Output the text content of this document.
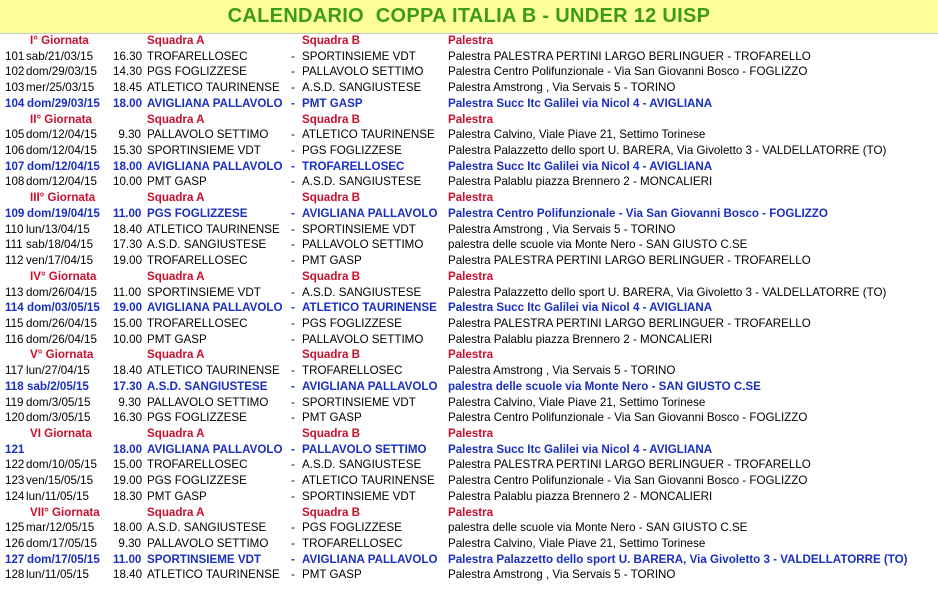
CALENDARIO  COPPA ITALIA B - UNDER 12 UISP
I° Giornata	Squadra A	Squadra B	Palestra
101 sab/21/03/15 16.30 TROFARELLOSEC	- SPORTINSIEME VDT	Palestra PALESTRA PERTINI LARGO BERLINGUER - TROFARELLO
102 dom/29/03/15 14.30 PGS FOGLIZZESE	- PALLAVOLO SETTIMO Palestra Centro Polifunzionale - Via San Giovanni Bosco - FOGLIZZO
103 mer/25/03/15 18.45 ATLETICO TAURINENSE - A.S.D. SANGIUSTESE Palestra Amstrong , Via Servais 5 - TORINO
104 dom/29/03/15 18.00 AVIGLIANA PALLAVOLO - PMT GASP	Palestra Succ Itc Galilei via Nicol 4 - AVIGLIANA
II° Giornata	Squadra A	Squadra B	Palestra
105 dom/12/04/15	9.30 PALLAVOLO SETTIMO - ATLETICO TAURINENSE Palestra Calvino, Viale Piave 21, Settimo Torinese
106 dom/12/04/15 15.30 SPORTINSIEME VDT	- PGS FOGLIZZESE	Palestra Palazzetto dello sport U. BARERA, Via Givoletto 3 - VALDELLATORRE (TO)
107 dom/12/04/15 18.00 AVIGLIANA PALLAVOLO - TROFARELLOSEC	Palestra Succ Itc Galilei via Nicol 4 - AVIGLIANA
108 dom/12/04/15 10.00 PMT GASP	- A.S.D. SANGIUSTESE Palestra Palablu piazza Brennero 2 - MONCALIERI
III° Giornata	Squadra A	Squadra B	Palestra
109 dom/19/04/15 11.00 PGS FOGLIZZESE	- AVIGLIANA PALLAVOLO Palestra Centro Polifunzionale - Via San Giovanni Bosco - FOGLIZZO
110 lun/13/04/15 18.40 ATLETICO TAURINENSE - SPORTINSIEME VDT	Palestra Amstrong , Via Servais 5 - TORINO
111 sab/18/04/15 17.30 A.S.D. SANGIUSTESE - PALLAVOLO SETTIMO palestra delle scuole via Monte Nero - SAN GIUSTO C.SE
112 ven/17/04/15 19.00 TROFARELLOSEC	- PMT GASP	Palestra PALESTRA PERTINI LARGO BERLINGUER - TROFARELLO
IV° Giornata	Squadra A	Squadra B	Palestra
113 dom/26/04/15 11.00 SPORTINSIEME VDT	- A.S.D. SANGIUSTESE Palestra Palazzetto dello sport U. BARERA, Via Givoletto 3 - VALDELLATORRE (TO)
114 dom/03/05/15 19.00 AVIGLIANA PALLAVOLO - ATLETICO TAURINENSE Palestra Succ Itc Galilei via Nicol 4 - AVIGLIANA
115 dom/26/04/15 15.00 TROFARELLOSEC	- PGS FOGLIZZESE	Palestra PALESTRA PERTINI LARGO BERLINGUER - TROFARELLO
116 dom/26/04/15 10.00 PMT GASP	- PALLAVOLO SETTIMO Palestra Palablu piazza Brennero 2 - MONCALIERI
V° Giornata	Squadra A	Squadra B	Palestra
117 lun/27/04/15 18.40 ATLETICO TAURINENSE - TROFARELLOSEC	Palestra Amstrong , Via Servais 5 - TORINO
118 sab/2/05/15 17.30 A.S.D. SANGIUSTESE - AVIGLIANA PALLAVOLO palestra delle scuole via Monte Nero - SAN GIUSTO C.SE
119 dom/3/05/15	9.30 PALLAVOLO SETTIMO - SPORTINSIEME VDT	Palestra Calvino, Viale Piave 21, Settimo Torinese
120 dom/3/05/15 16.30 PGS FOGLIZZESE	- PMT GASP	Palestra Centro Polifunzionale - Via San Giovanni Bosco - FOGLIZZO
VI Giornata	Squadra A	Squadra B	Palestra
121	18.00 AVIGLIANA PALLAVOLO - PALLAVOLO SETTIMO Palestra Succ Itc Galilei via Nicol 4 - AVIGLIANA
122 dom/10/05/15 15.00 TROFARELLOSEC	- A.S.D. SANGIUSTESE Palestra PALESTRA PERTINI LARGO BERLINGUER - TROFARELLO
123 ven/15/05/15 19.00 PGS FOGLIZZESE	- ATLETICO TAURINENSE Palestra Centro Polifunzionale - Via San Giovanni Bosco - FOGLIZZO
124 lun/11/05/15 18.30 PMT GASP	- SPORTINSIEME VDT	Palestra Palablu piazza Brennero 2 - MONCALIERI
VII° Giornata	Squadra A	Squadra B	Palestra
125 mar/12/05/15 18.00 A.S.D. SANGIUSTESE - PGS FOGLIZZESE	palestra delle scuole via Monte Nero - SAN GIUSTO C.SE
126 dom/17/05/15	9.30 PALLAVOLO SETTIMO - TROFARELLOSEC	Palestra Calvino, Viale Piave 21, Settimo Torinese
127 dom/17/05/15 11.00 SPORTINSIEME VDT	- AVIGLIANA PALLAVOLO Palestra Palazzetto dello sport U. BARERA, Via Givoletto 3 - VALDELLATORRE (TO)
128 lun/11/05/15 18.40 ATLETICO TAURINENSE - PMT GASP	Palestra Amstrong , Via Servais 5 - TORINO
